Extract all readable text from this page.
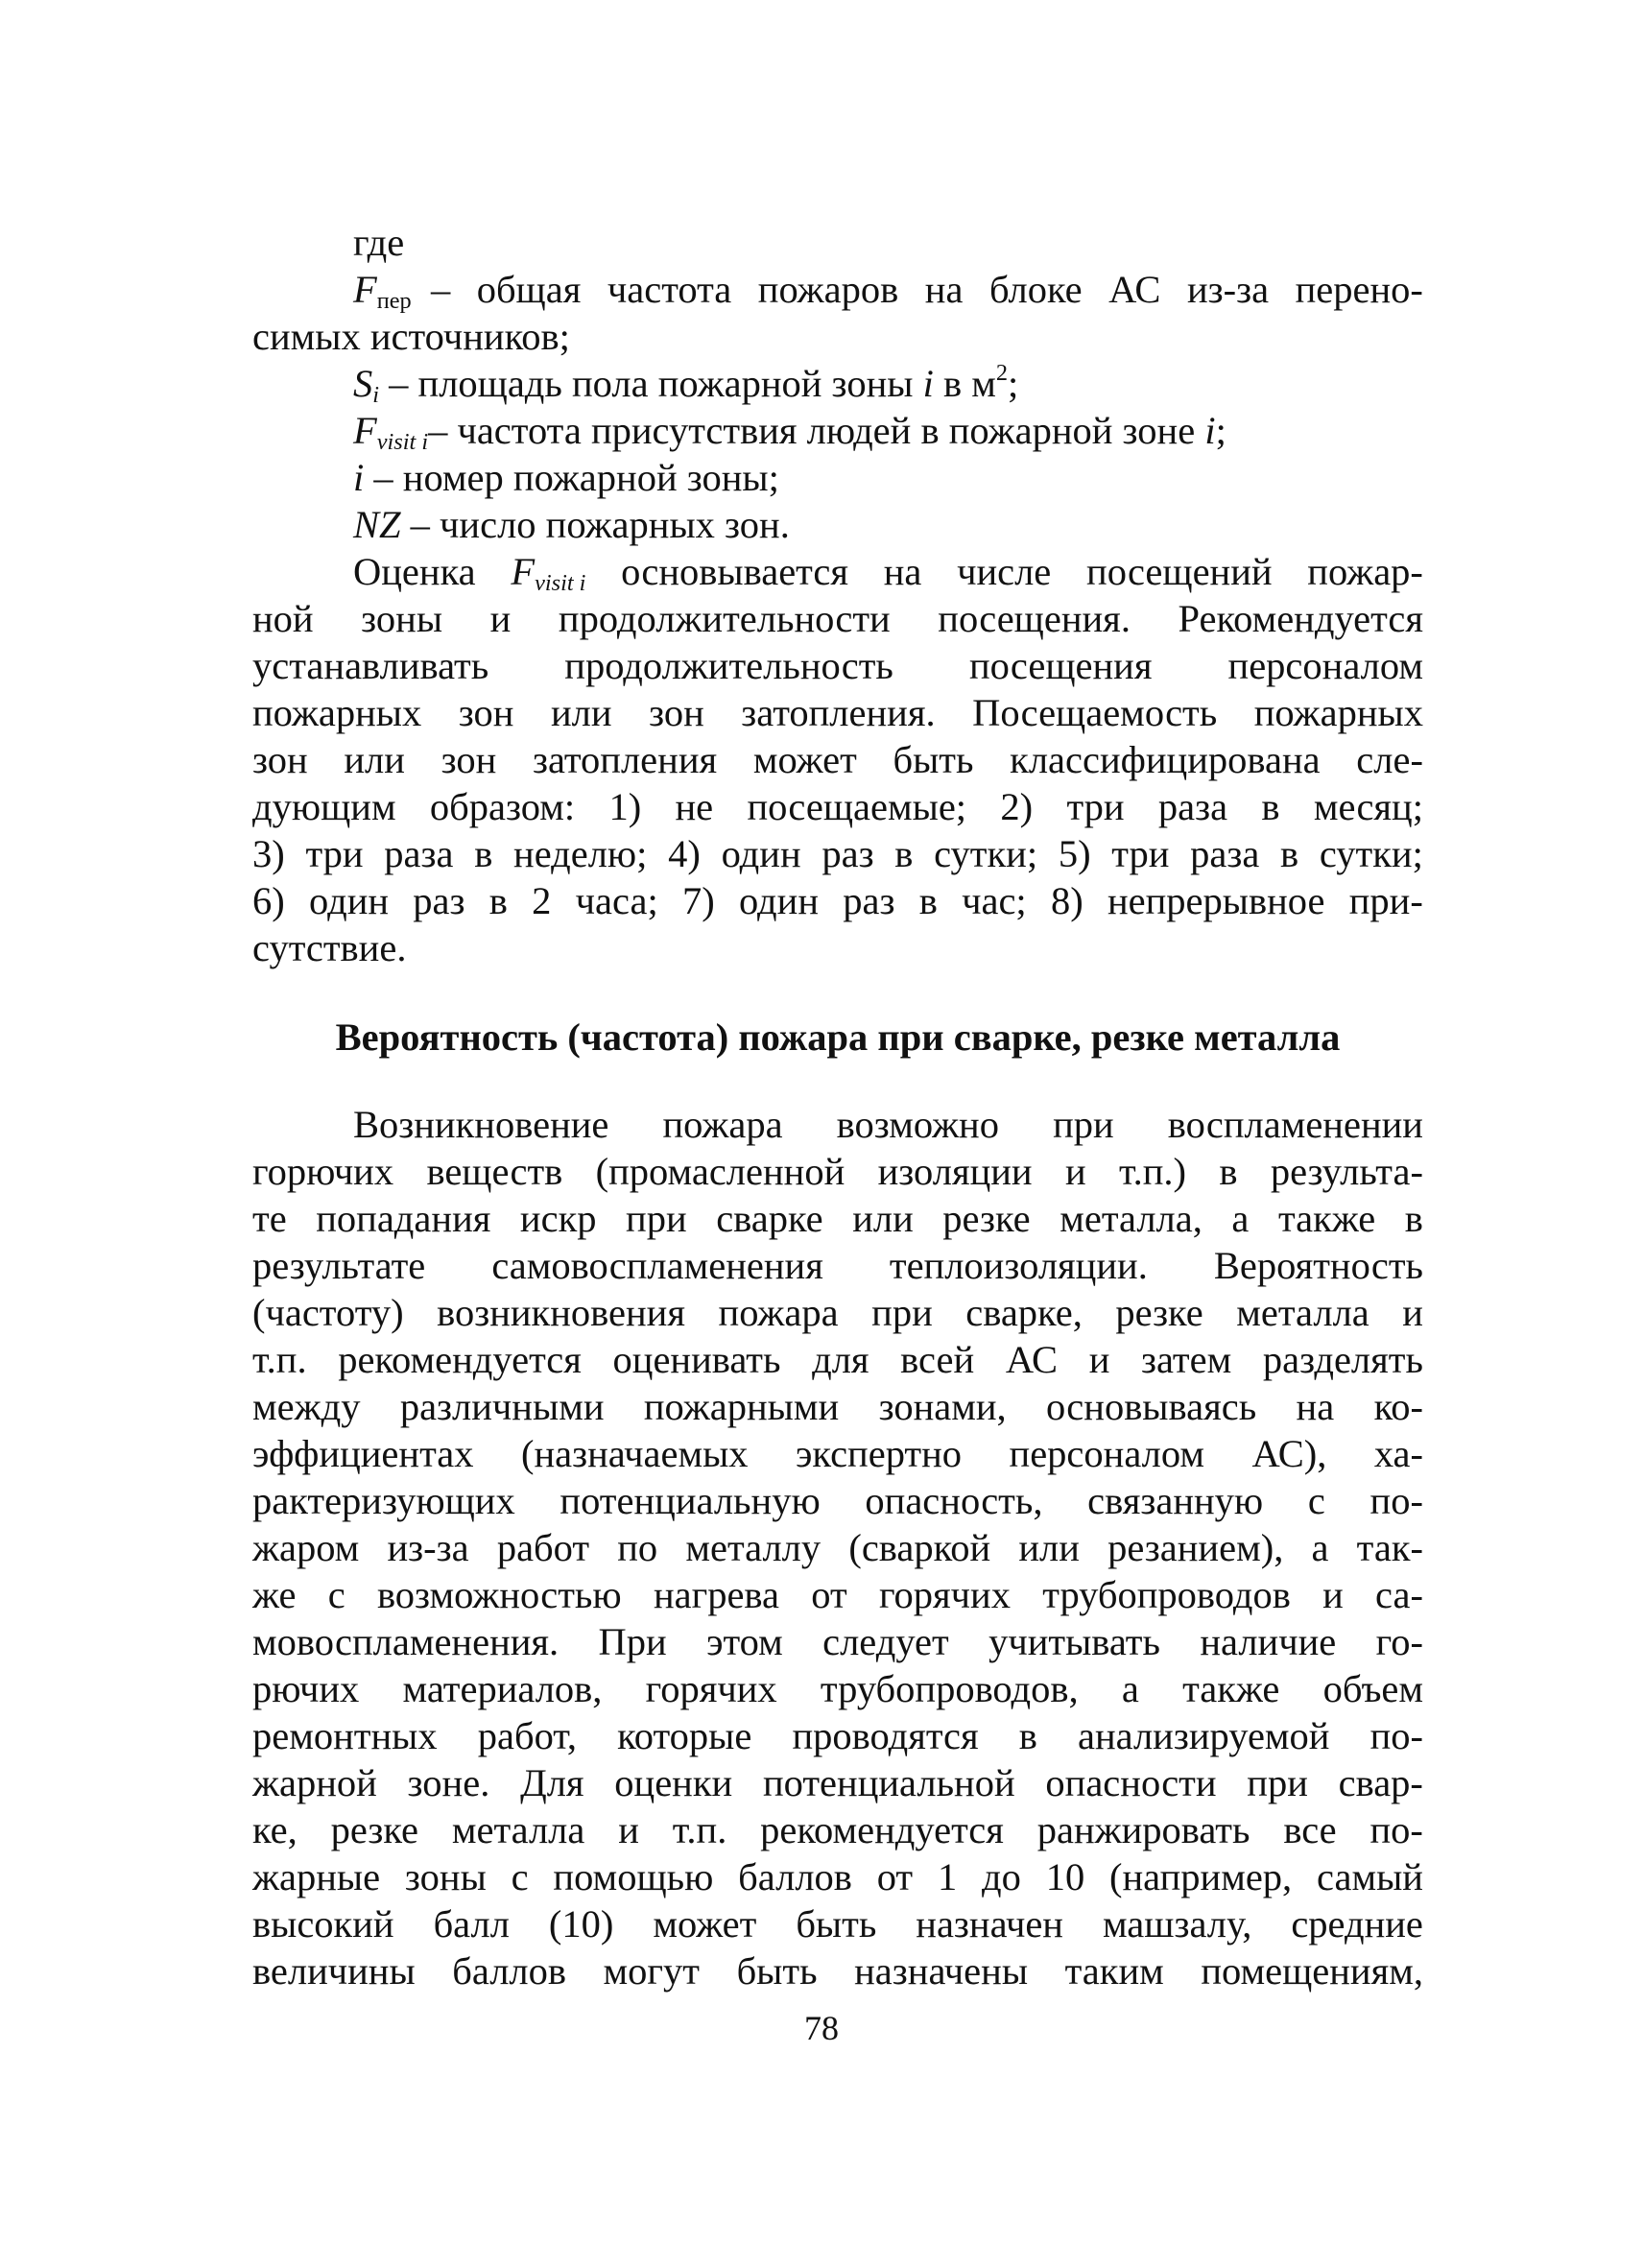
где
$F_{пер}$  – общая частота пожаров на блоке АС из-за перено-
симых источников;
$S_i$ – площадь пола пожарной зоны i в $м^2$;
$F_{visit i}-$ частота присутствия людей в пожарной зоне i;
i – номер пожарной зоны;
NZ – число пожарных зон.
Оценка $F_{visit i}$ основывается на числе посещений пожар-
ной зоны и продолжительности посещения. Рекомендуется
устанавливать продолжительность посещения персоналом
пожарных зон или зон затопления. Посещаемость пожарных
зон или зон затопления может быть классифицирована сле-
дующим образом: 1) не посещаемые; 2) три раза в месяц;
3) три раза в неделю; 4) один раз в сутки; 5) три раза в сутки;
6) один раз в 2 часа; 7) один раз в час; 8) непрерывное при-
сутствие.
Вероятность (частота) пожара при сварке, резке металла
Возникновение пожара возможно при воспламенении
горючих веществ (промасленной изоляции и т.п.) в результа-
те попадания искр при сварке или резке металла, а также в
результате самовоспламенения теплоизоляции. Вероятность
(частоту) возникновения пожара при сварке, резке металла и
т.п. рекомендуется оценивать для всей АС и затем разделять
между различными пожарными зонами, основываясь на ко-
эффициентах (назначаемых экспертно персоналом АС), ха-
рактеризующих потенциальную опасность, связанную с по-
жаром из-за работ по металлу (сваркой или резанием), а так-
же с возможностью нагрева от горячих трубопроводов и са-
мовоспламенения. При этом следует учитывать наличие го-
рючих материалов, горячих трубопроводов, а также объем
ремонтных работ, которые проводятся в анализируемой по-
жарной зоне. Для оценки потенциальной опасности при свар-
ке, резке металла и т.п. рекомендуется ранжировать все по-
жарные зоны с помощью баллов от 1 до 10 (например, самый
высокий балл (10) может быть назначен машзалу, средние
величины баллов могут быть назначены таким помещениям,
78
